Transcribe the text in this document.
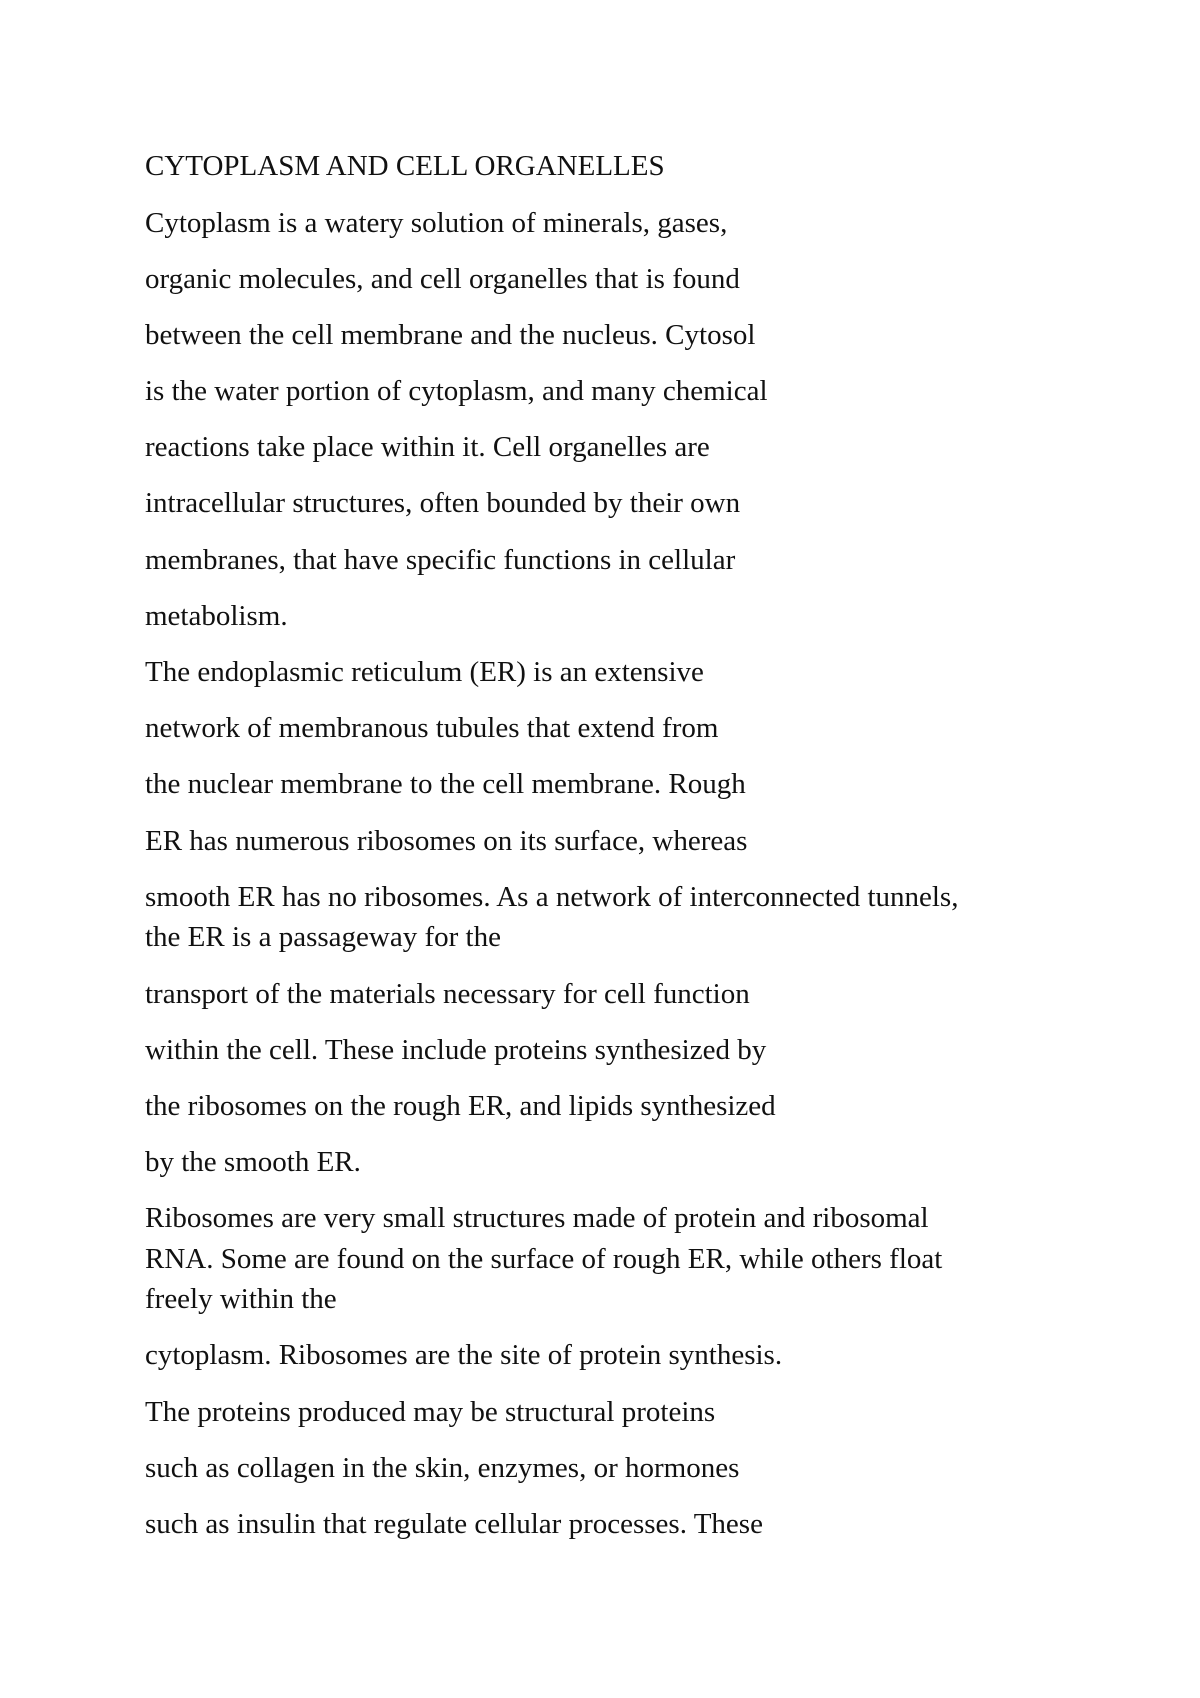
CYTOPLASM AND CELL ORGANELLES
Cytoplasm is a watery solution of minerals, gases,
organic molecules, and cell organelles that is found
between the cell membrane and the nucleus. Cytosol
is the water portion of cytoplasm, and many chemical
reactions take place within it. Cell organelles are
intracellular structures, often bounded by their own
membranes, that have specific functions in cellular
metabolism.
The endoplasmic reticulum (ER) is an extensive
network of membranous tubules that extend from
the nuclear membrane to the cell membrane. Rough
ER has numerous ribosomes on its surface, whereas
smooth ER has no ribosomes. As a network of interconnected tunnels,
the ER is a passageway for the
transport of the materials necessary for cell function
within the cell. These include proteins synthesized by
the ribosomes on the rough ER, and lipids synthesized
by the smooth ER.
Ribosomes are very small structures made of protein and ribosomal
RNA. Some are found on the surface of rough ER, while others float
freely within the
cytoplasm. Ribosomes are the site of protein synthesis.
The proteins produced may be structural proteins
such as collagen in the skin, enzymes, or hormones
such as insulin that regulate cellular processes. These
